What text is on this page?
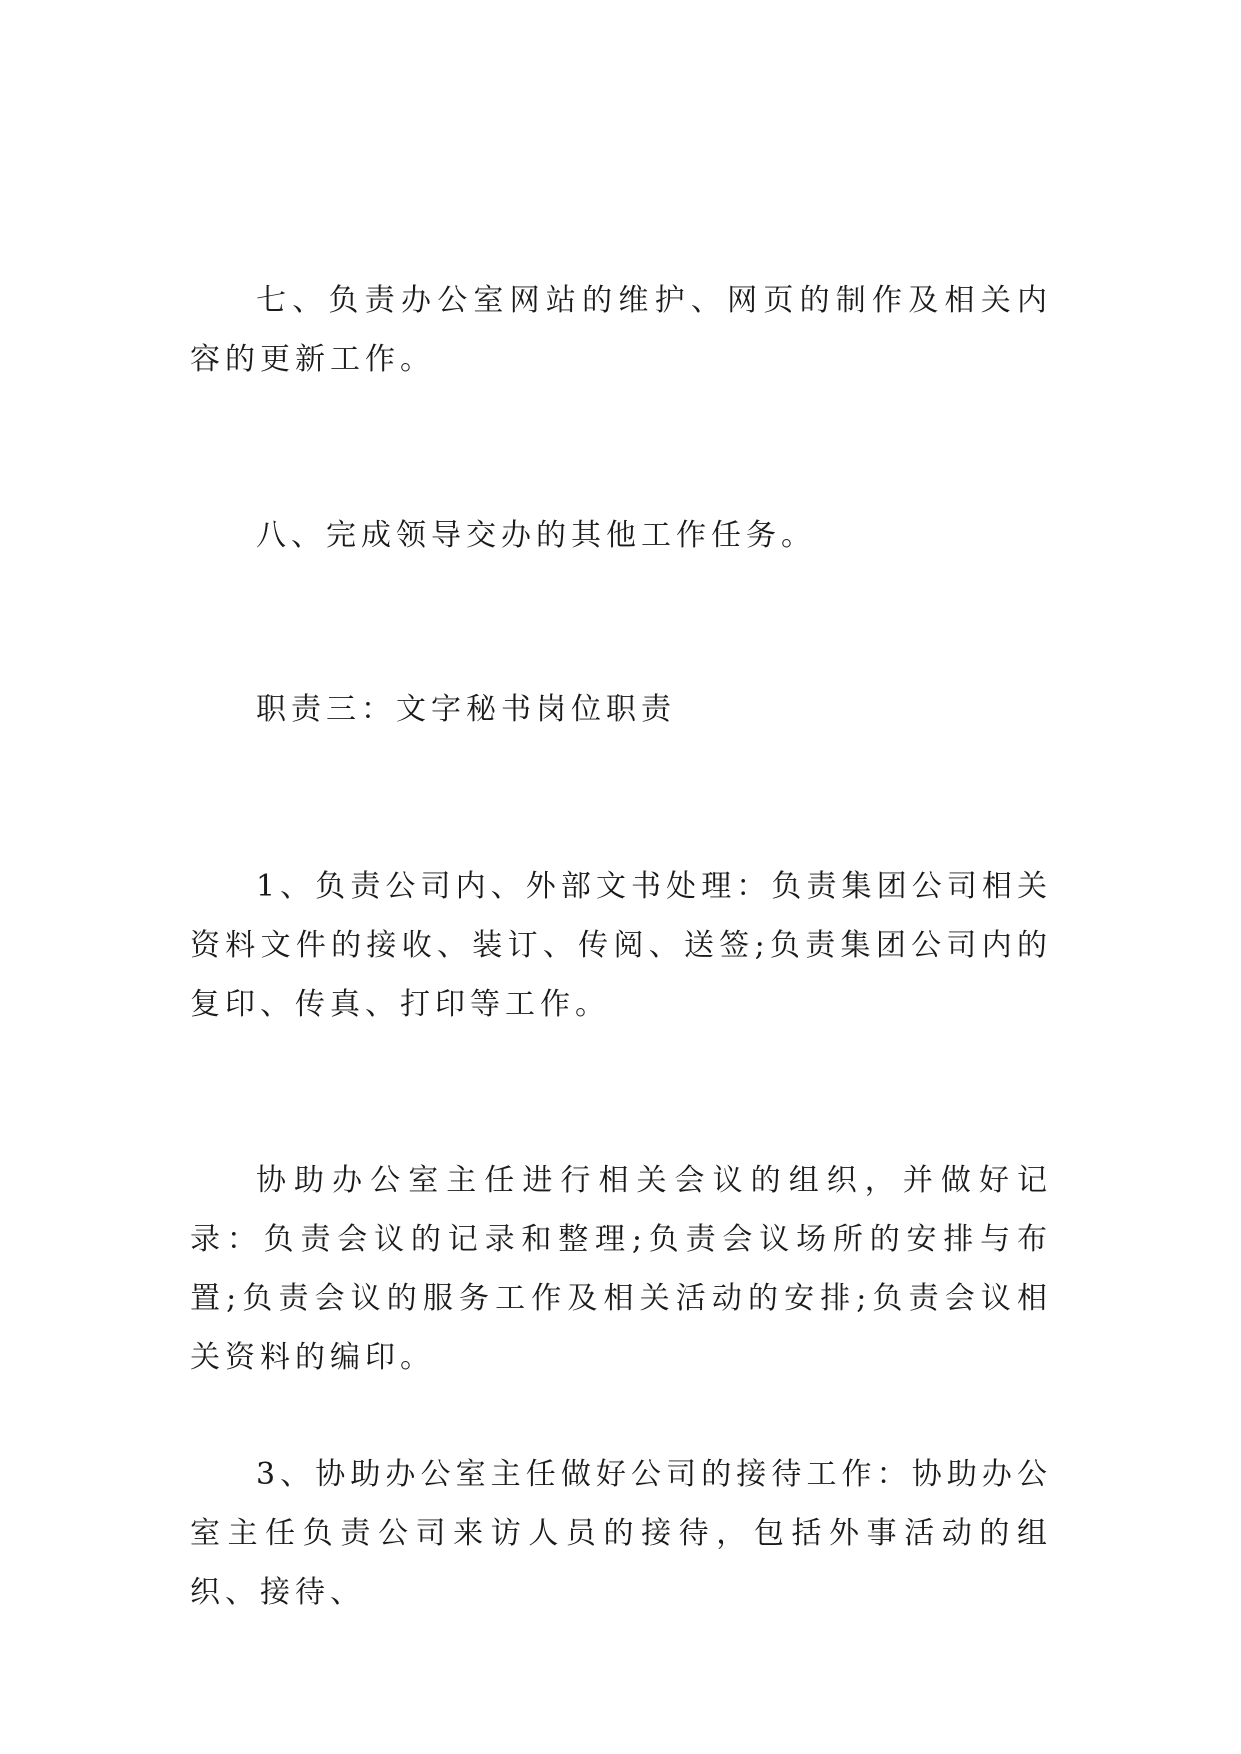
七、负责办公室网站的维护、网页的制作及相关内容的更新工作。

八、完成领导交办的其他工作任务。

职责三：文字秘书岗位职责

1、负责公司内、外部文书处理：负责集团公司相关资料文件的接收、装订、传阅、送签;负责集团公司内的复印、传真、打印等工作。

协助办公室主任进行相关会议的组织，并做好记录：负责会议的记录和整理;负责会议场所的安排与布置;负责会议的服务工作及相关活动的安排;负责会议相关资料的编印。

3、协助办公室主任做好公司的接待工作：协助办公室主任负责公司来访人员的接待，包括外事活动的组织、接待、
